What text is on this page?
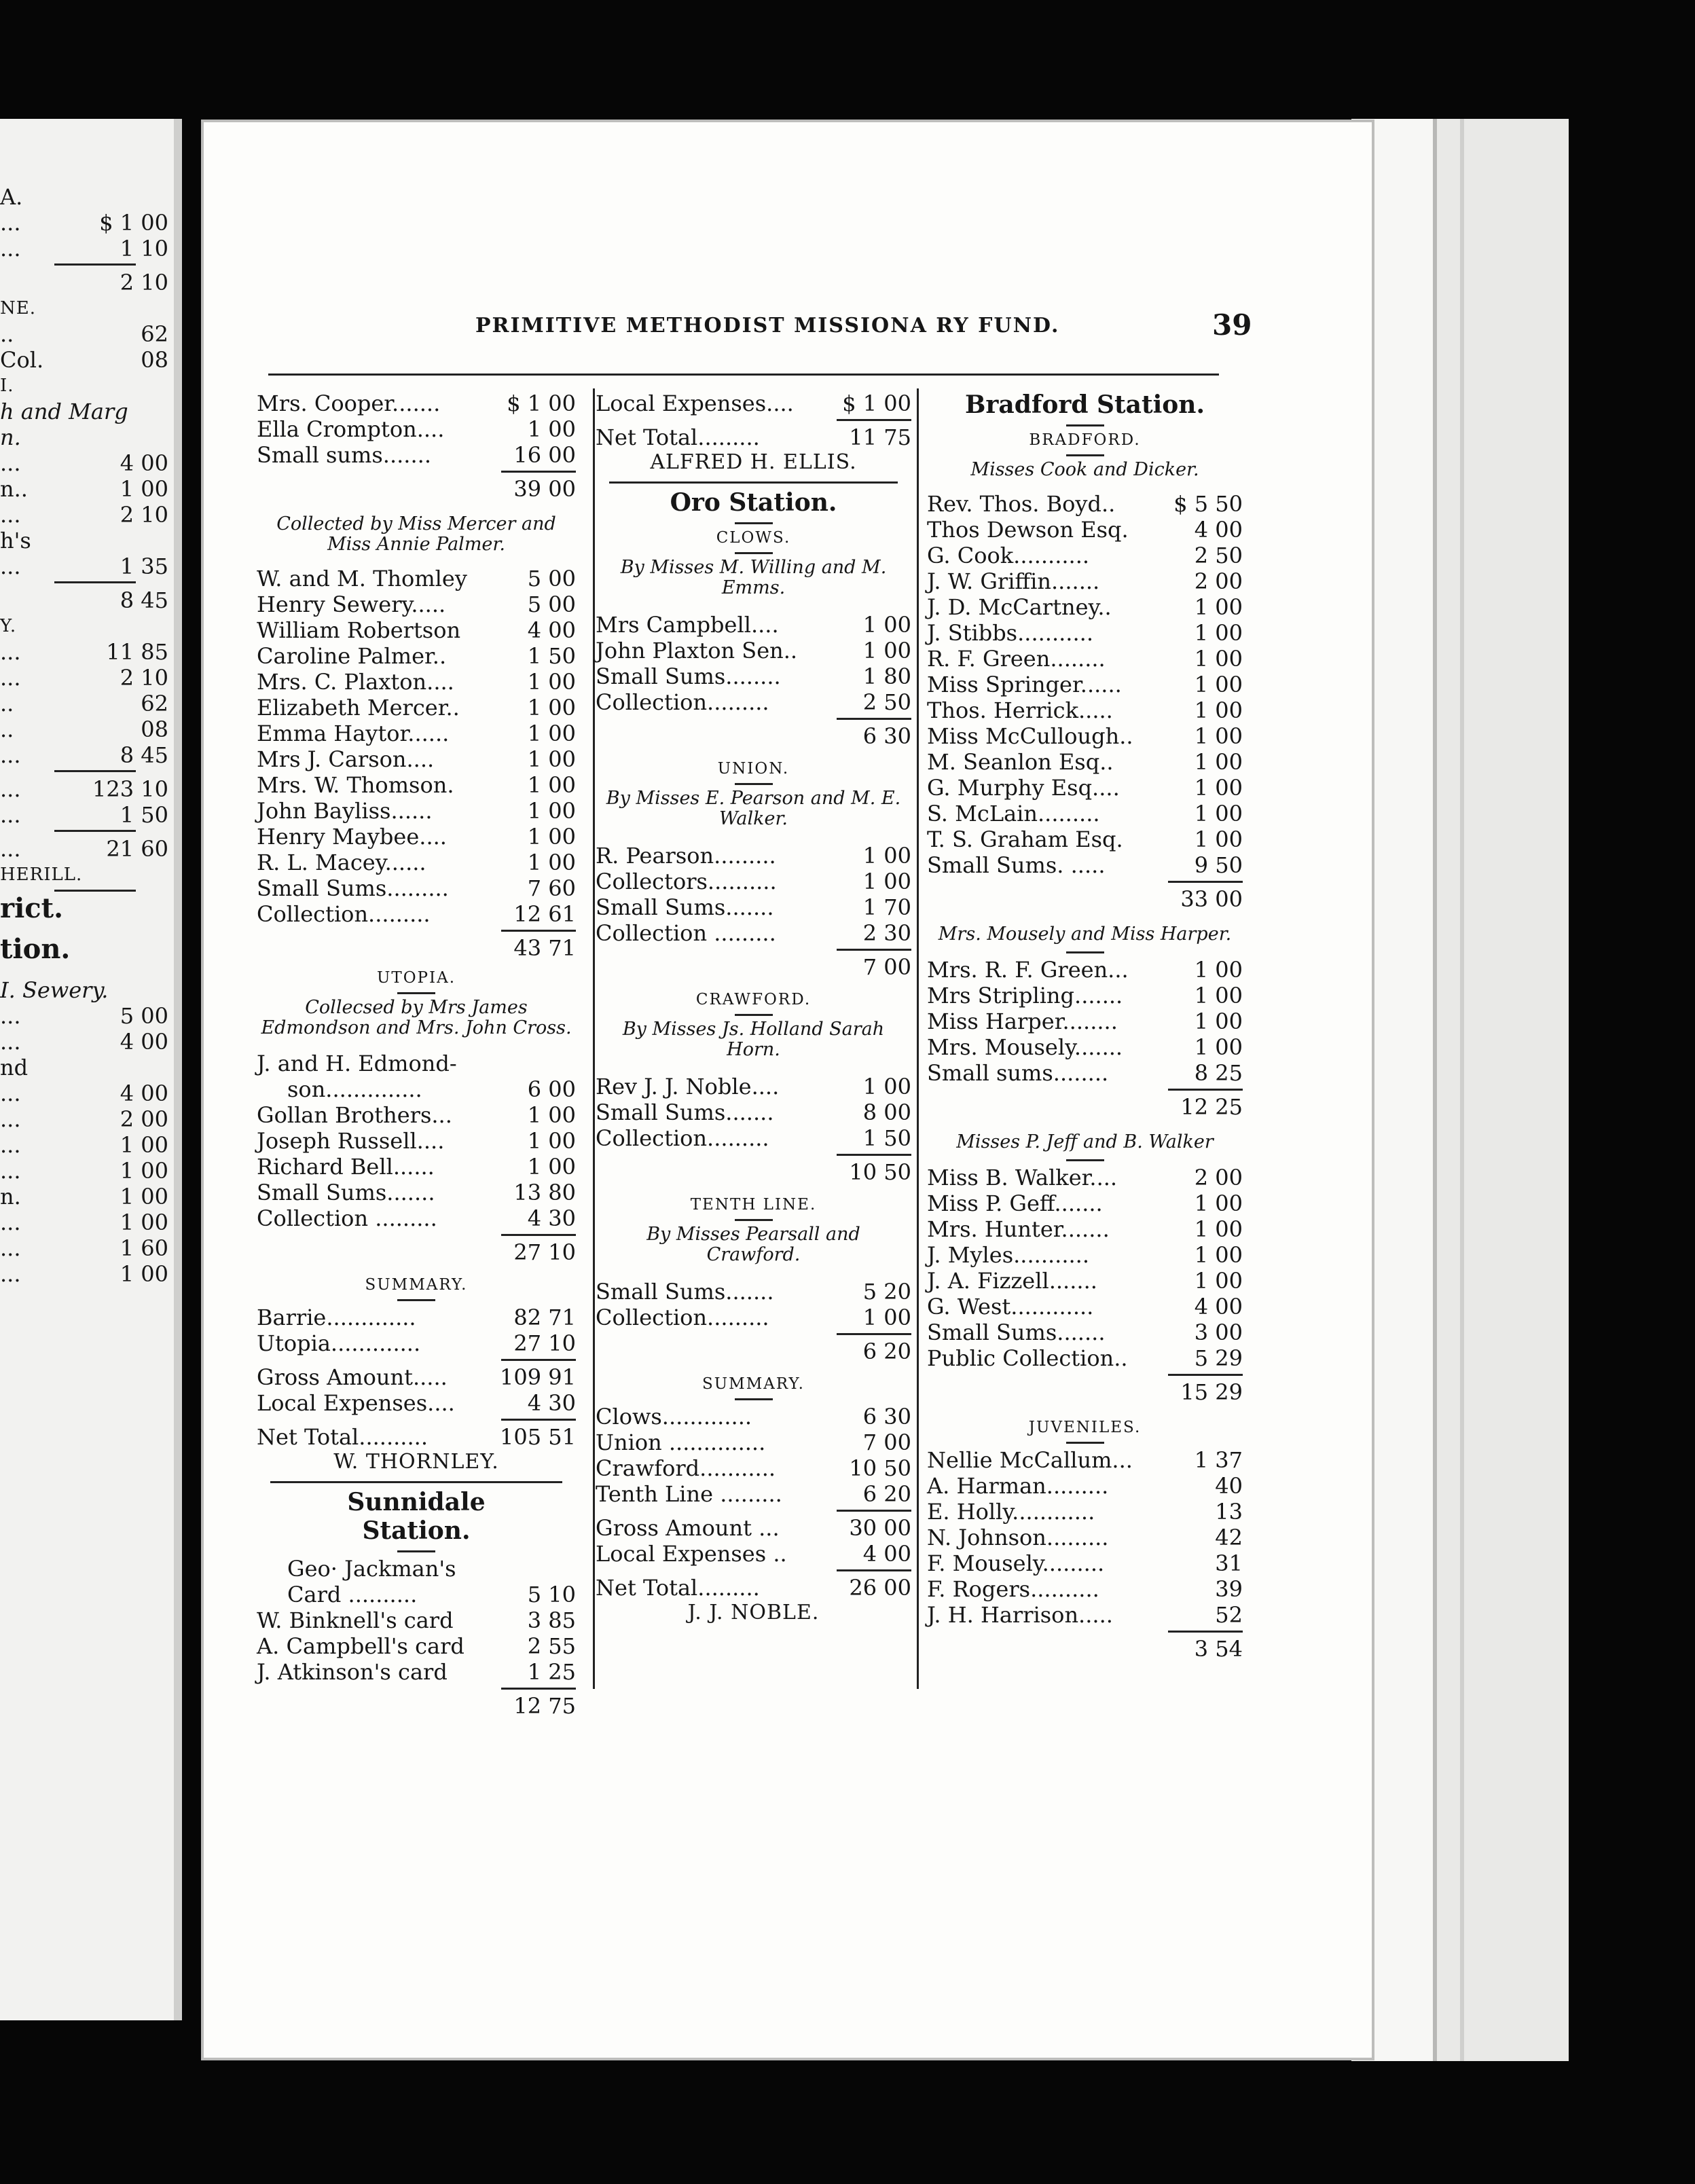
A.
...	$ 1 00
...	1 10
2 10
NE.
..	62
Col.	08
I.
h and Marg
n.
...	4 00
n..	1 00
...	2 10
h's
...	1 35
8 45
Y.
...	11 85
...	2 10
..	62
..	08
...	8 45
...	123 10
...	1 50
...	21 60
HERILL.
rict.
tion.
I. Sewery.
...	5 00
...	4 00
nd
...	4 00
...	2 00
...	1 00
...	1 00
n.	1 00
...	1 00
...	1 60
...	1 00
PRIMITIVE METHODIST MISSIONA RY FUND.	39
Mrs. Cooper.......	$ 1 00
Ella Crompton....	1 00
Small sums.......	16 00
39 00
Collected by Miss Mercer and Miss Annie Palmer.
W. and M. Thomley	5 00
Henry Sewery.....	5 00
William Robertson	4 00
Caroline Palmer..	1 50
Mrs. C. Plaxton....	1 00
Elizabeth Mercer..	1 00
Emma Haytor......	1 00
Mrs J. Carson....	1 00
Mrs. W. Thomson.	1 00
John Bayliss......	1 00
Henry Maybee....	1 00
R. L. Macey......	1 00
Small Sums.........	7 60
Collection.........	12 61
43 71
UTOPIA.
Collecsed by Mrs James Edmondson and Mrs. John Cross.
J. and H. Edmond-
son..............	6 00
Gollan Brothers...	1 00
Joseph Russell....	1 00
Richard Bell......	1 00
Small Sums.......	13 80
Collection .........	4 30
27 10
SUMMARY.
Barrie.............	82 71
Utopia.............	27 10
Gross Amount..... 109 91
Local Expenses....	4 30
Net Total..........	105 51
W. THORNLEY.
Sunnidale Station.
Geo· Jackman's
Card ..........	5 10
W. Binknell's card	3 85
A. Campbell's card	2 55
J. Atkinson's card	1 25
12 75
Local Expenses.... $ 1 00
Net Total.........	11 75
ALFRED H. ELLIS.
Oro Station.
CLOWS.
By Misses M. Willing and M. Emms.
Mrs Campbell....	1 00
John Plaxton Sen..	1 00
Small Sums........	1 80
Collection.........	2 50
6 30
UNION.
By Misses E. Pearson and M. E. Walker.
R. Pearson.........	1 00
Collectors..........	1 00
Small Sums.......	1 70
Collection .........	2 30
7 00
CRAWFORD.
By Misses Js. Holland Sarah Horn.
Rev J. J. Noble....	1 00
Small Sums.......	8 00
Collection.........	1 50
10 50
TENTH LINE.
By Misses Pearsall and Crawford.
Small Sums.......	5 20
Collection.........	1 00
6 20
SUMMARY.
Clows.............	6 30
Union ..............	7 00
Crawford...........	10 50
Tenth Line .........	6 20
Gross Amount ...	30 00
Local Expenses ..	4 00
Net Total.........	26 00
J. J. NOBLE.
Bradford Station.
BRADFORD.
Misses Cook and Dicker.
Rev. Thos. Boyd..	$ 5 50
Thos Dewson Esq.	4 00
G. Cook...........	2 50
J. W. Griffin.......	2 00
J. D. McCartney..	1 00
J. Stibbs...........	1 00
R. F. Green........	1 00
Miss Springer......	1 00
Thos. Herrick.....	1 00
Miss McCullough..	1 00
M. Seanlon Esq..	1 00
G. Murphy Esq....	1 00
S. McLain.........	1 00
T. S. Graham Esq.	1 00
Small Sums. .....	9 50
33 00
Mrs. Mousely and Miss Harper.
Mrs. R. F. Green...	1 00
Mrs Stripling.......	1 00
Miss Harper........	1 00
Mrs. Mousely.......	1 00
Small sums........	8 25
12 25
Misses P. Jeff and B. Walker
Miss B. Walker....	2 00
Miss P. Geff.......	1 00
Mrs. Hunter.......	1 00
J. Myles...........	1 00
J. A. Fizzell.......	1 00
G. West............	4 00
Small Sums.......	3 00
Public Collection..	5 29
15 29
JUVENILES.
Nellie McCallum...	1 37
A. Harman.........	40
E. Holly............	13
N. Johnson.........	42
F. Mousely.........	31
F. Rogers..........	39
J. H. Harrison.....	52
3 54
